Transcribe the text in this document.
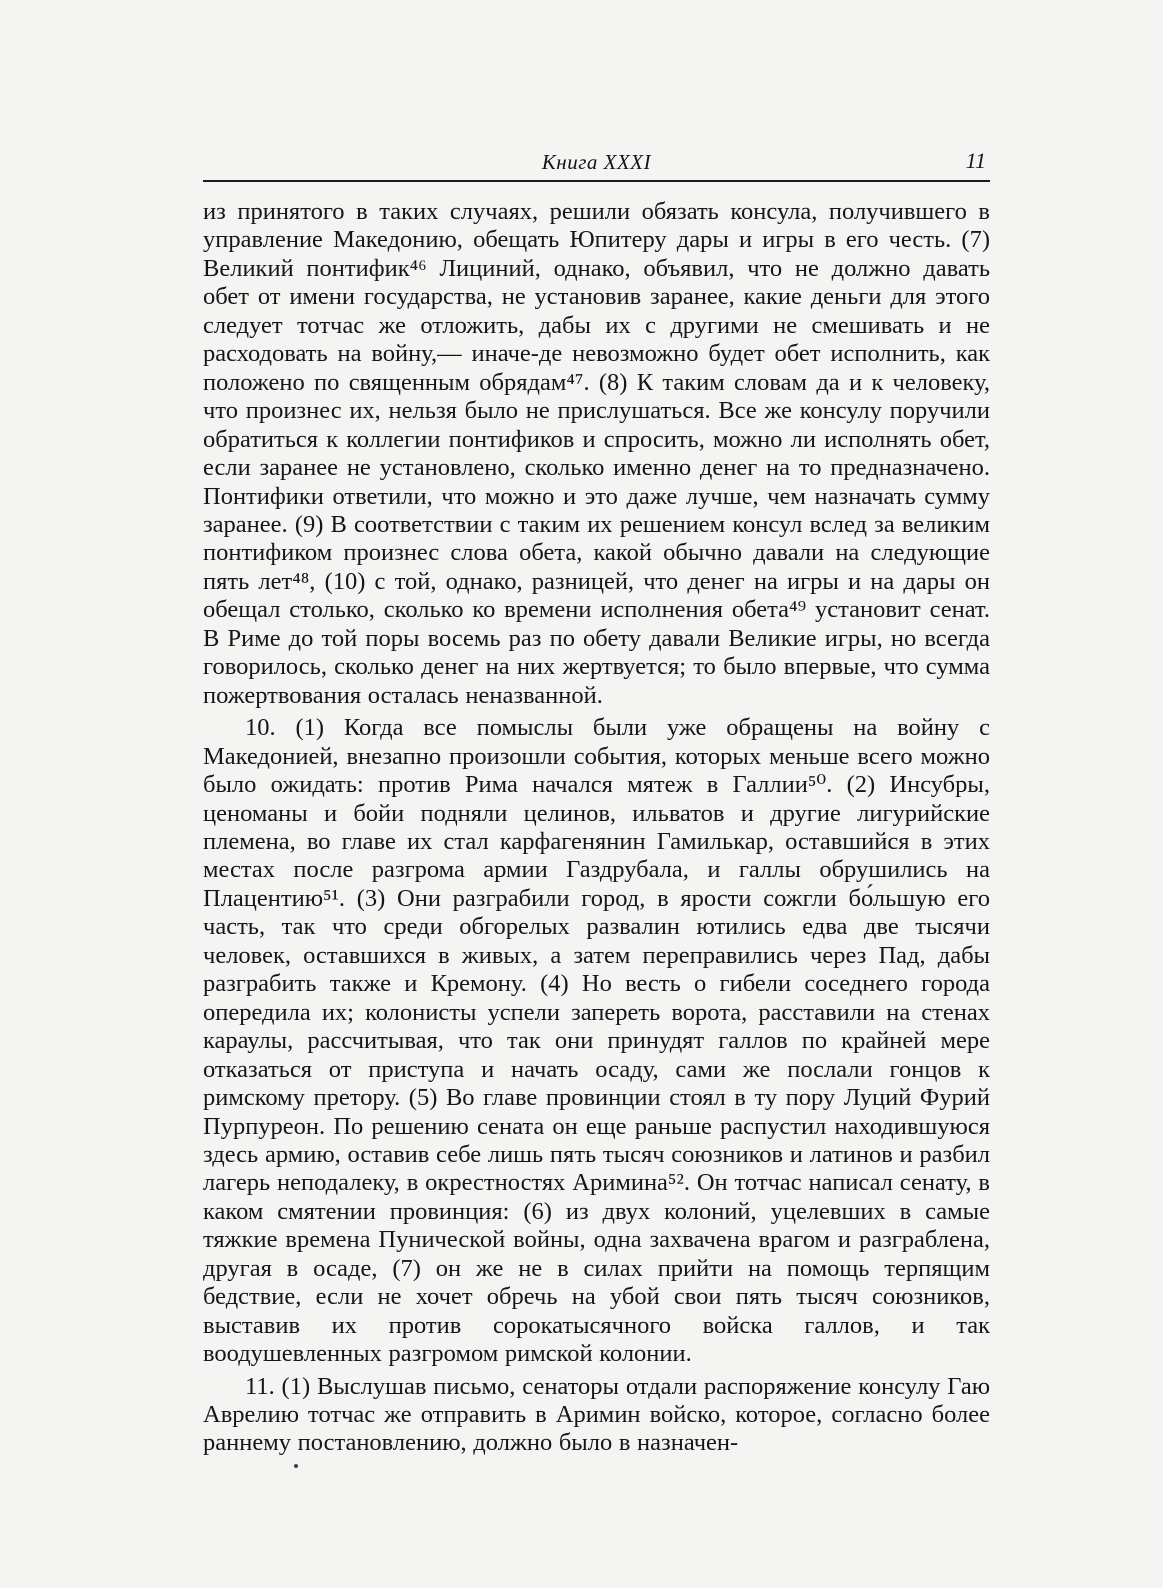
Книга XXXI	11

из принятого в таких случаях, решили обязать консула, получившего в управление Македонию, обещать Юпитеру дары и игры в его честь. (7) Великий понтифик⁴⁶ Лициний, однако, объявил, что не должно давать обет от имени государства, не установив заранее, какие деньги для этого следует тотчас же отложить, дабы их с другими не смешивать и не расходовать на войну,— иначе-де невозможно будет обет исполнить, как положено по священным обрядам⁴⁷. (8) К таким словам да и к человеку, что произнес их, нельзя было не прислушаться. Все же консулу поручили обратиться к коллегии понтификов и спросить, можно ли исполнять обет, если заранее не установлено, сколько именно денег на то предназначено. Понтифики ответили, что можно и это даже лучше, чем назначать сумму заранее. (9) В соответствии с таким их решением консул вслед за великим понтификом произнес слова обета, какой обычно давали на следующие пять лет⁴⁸, (10) с той, однако, разницей, что денег на игры и на дары он обещал столько, сколько ко времени исполнения обета⁴⁹ установит сенат. В Риме до той поры восемь раз по обету давали Великие игры, но всегда говорилось, сколько денег на них жертвуется; то было впервые, что сумма пожертвования осталась неназванной.

10. (1) Когда все помыслы были уже обращены на войну с Македонией, внезапно произошли события, которых меньше всего можно было ожидать: против Рима начался мятеж в Галлии⁵⁰. (2) Инсубры, ценоманы и бойи подняли целинов, ильватов и другие лигурийские племена, во главе их стал карфагенянин Гамилькар, оставшийся в этих местах после разгрома армии Газдрубала, и галлы обрушились на Плацентию⁵¹. (3) Они разграбили город, в ярости сожгли бо́льшую его часть, так что среди обгорелых развалин ютились едва две тысячи человек, оставшихся в живых, а затем переправились через Пад, дабы разграбить также и Кремону. (4) Но весть о гибели соседнего города опередила их; колонисты успели запереть ворота, расставили на стенах караулы, рассчитывая, что так они принудят галлов по крайней мере отказаться от приступа и начать осаду, сами же послали гонцов к римскому претору. (5) Во главе провинции стоял в ту пору Луций Фурий Пурпуреон. По решению сената он еще раньше распустил находившуюся здесь армию, оставив себе лишь пять тысяч союзников и латинов и разбил лагерь неподалеку, в окрестностях Аримина⁵². Он тотчас написал сенату, в каком смятении провинция: (6) из двух колоний, уцелевших в самые тяжкие времена Пунической войны, одна захвачена врагом и разграблена, другая в осаде, (7) он же не в силах прийти на помощь терпящим бедствие, если не хочет обречь на убой свои пять тысяч союзников, выставив их против сорокатысячного войска галлов, и так воодушевленных разгромом римской колонии.

11. (1) Выслушав письмо, сенаторы отдали распоряжение консулу Гаю Аврелию тотчас же отправить в Аримин войско, которое, согласно более раннему постановлению, должно было в назначен-
